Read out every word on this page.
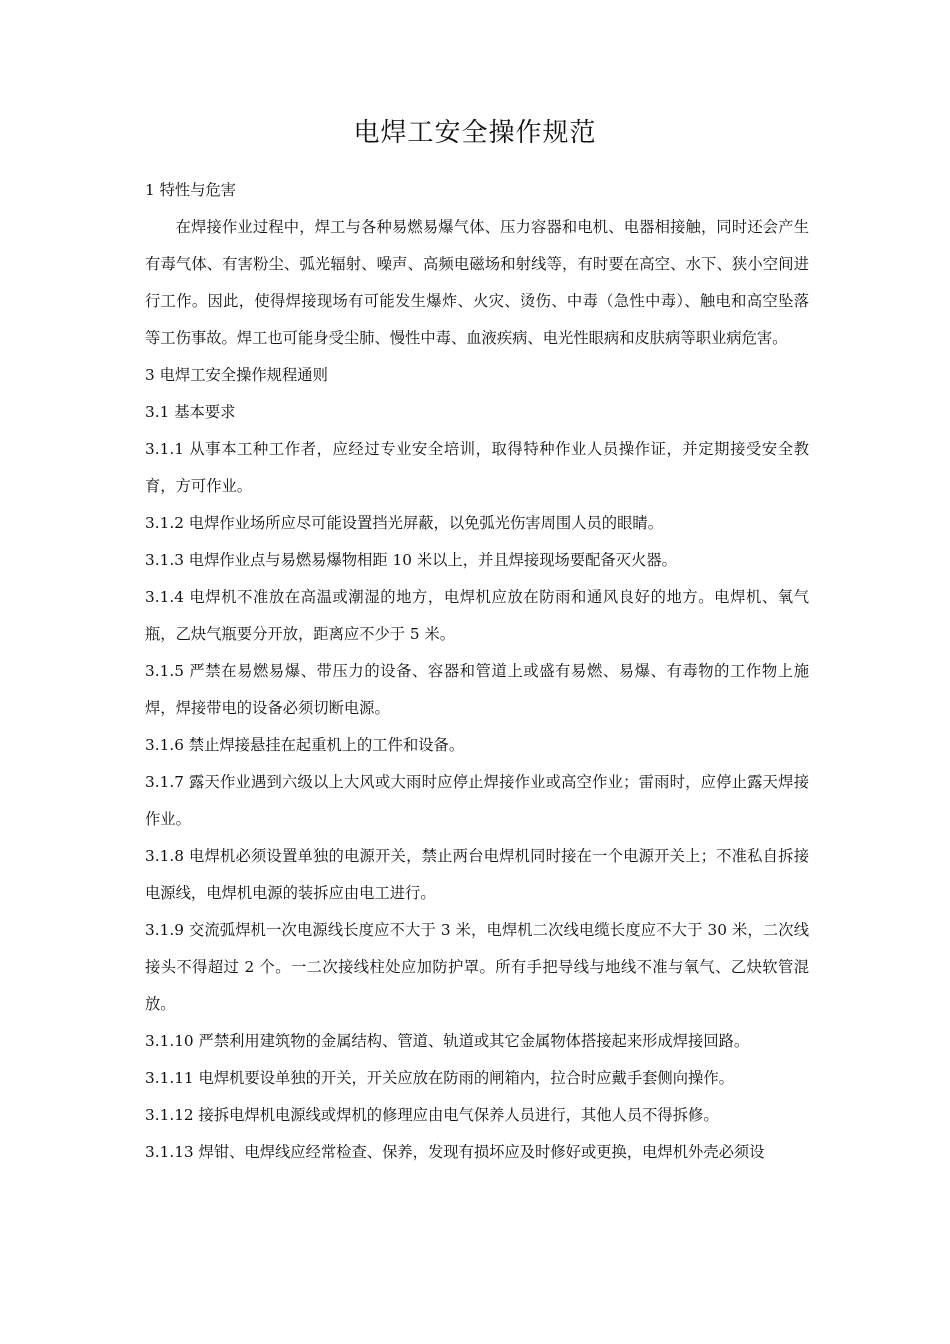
电焊工安全操作规范

1 特性与危害

在焊接作业过程中，焊工与各种易燃易爆气体、压力容器和电机、电器相接触，同时还会产生有毒气体、有害粉尘、弧光辐射、噪声、高频电磁场和射线等，有时要在高空、水下、狭小空间进行工作。因此，使得焊接现场有可能发生爆炸、火灾、烫伤、中毒（急性中毒）、触电和高空坠落等工伤事故。焊工也可能身受尘肺、慢性中毒、血液疾病、电光性眼病和皮肤病等职业病危害。

3 电焊工安全操作规程通则

3.1 基本要求

3.1.1 从事本工种工作者，应经过专业安全培训，取得特种作业人员操作证，并定期接受安全教育，方可作业。

3.1.2 电焊作业场所应尽可能设置挡光屏蔽，以免弧光伤害周围人员的眼睛。

3.1.3 电焊作业点与易燃易爆物相距 10 米以上，并且焊接现场要配备灭火器。

3.1.4 电焊机不准放在高温或潮湿的地方，电焊机应放在防雨和通风良好的地方。电焊机、氧气瓶，乙炔气瓶要分开放，距离应不少于 5 米。

3.1.5 严禁在易燃易爆、带压力的设备、容器和管道上或盛有易燃、易爆、有毒物的工作物上施焊，焊接带电的设备必须切断电源。

3.1.6 禁止焊接悬挂在起重机上的工件和设备。

3.1.7 露天作业遇到六级以上大风或大雨时应停止焊接作业或高空作业；雷雨时，应停止露天焊接作业。

3.1.8 电焊机必须设置单独的电源开关，禁止两台电焊机同时接在一个电源开关上；不准私自拆接电源线，电焊机电源的装拆应由电工进行。

3.1.9 交流弧焊机一次电源线长度应不大于 3 米，电焊机二次线电缆长度应不大于 30 米，二次线接头不得超过 2 个。一二次接线柱处应加防护罩。所有手把导线与地线不准与氧气、乙炔软管混放。

3.1.10 严禁利用建筑物的金属结构、管道、轨道或其它金属物体搭接起来形成焊接回路。

3.1.11 电焊机要设单独的开关，开关应放在防雨的闸箱内，拉合时应戴手套侧向操作。

3.1.12 接拆电焊机电源线或焊机的修理应由电气保养人员进行，其他人员不得拆修。

3.1.13 焊钳、电焊线应经常检查、保养，发现有损坏应及时修好或更换，电焊机外壳必须设
